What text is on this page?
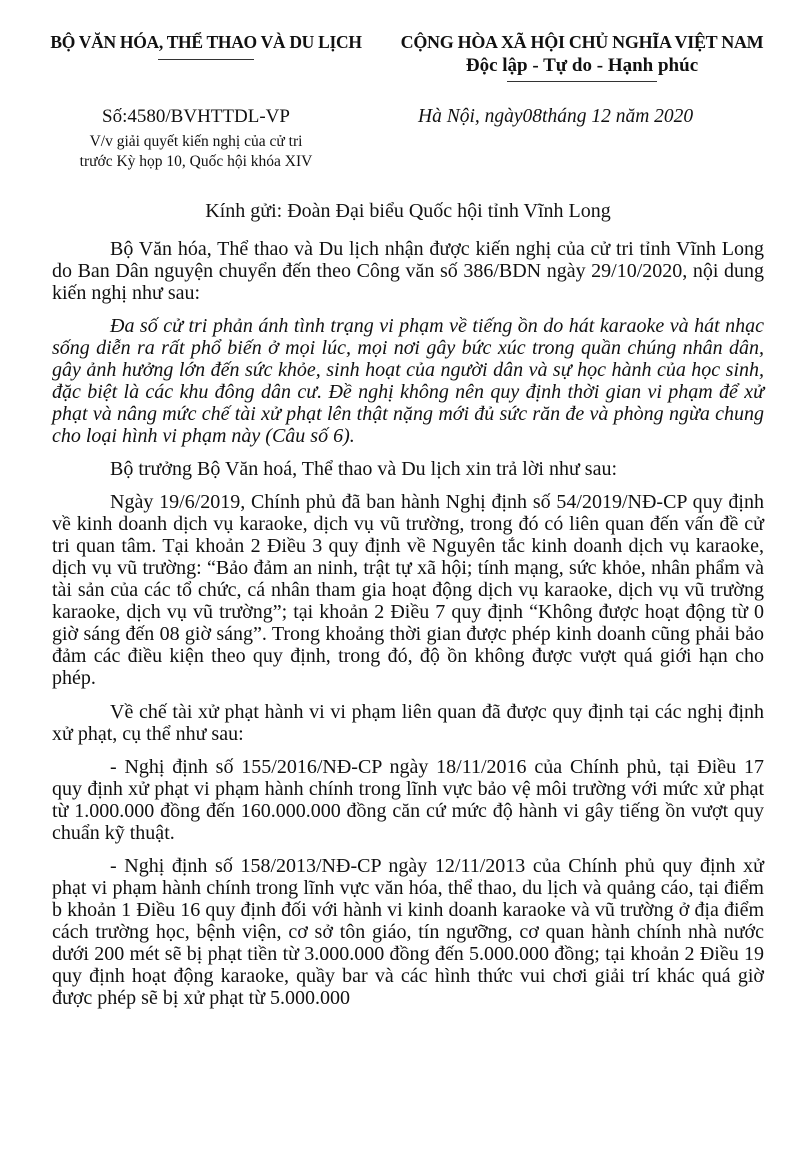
BỘ VĂN HÓA, THỂ THAO VÀ DU LỊCH	CỘNG HÒA XÃ HỘI CHỦ NGHĨA VIỆT NAM
Độc lập - Tự do - Hạnh phúc
Số:4580/BVHTTDL-VP	Hà Nội, ngày08tháng 12 năm 2020
V/v giải quyết kiến nghị của cử tri
trước Kỳ họp 10, Quốc hội khóa XIV
Kính gửi: Đoàn Đại biểu Quốc hội tỉnh Vĩnh Long

Bộ Văn hóa, Thể thao và Du lịch nhận được kiến nghị của cử tri tỉnh Vĩnh Long do Ban Dân nguyện chuyển đến theo Công văn số 386/BDN ngày 29/10/2020, nội dung kiến nghị như sau:

Đa số cử tri phản ánh tình trạng vi phạm về tiếng ồn do hát karaoke và hát nhạc sống diễn ra rất phổ biến ở mọi lúc, mọi nơi gây bức xúc trong quần chúng nhân dân, gây ảnh hưởng lớn đến sức khỏe, sinh hoạt của người dân và sự học hành của học sinh, đặc biệt là các khu đông dân cư. Đề nghị không nên quy định thời gian vi phạm để xử phạt và nâng mức chế tài xử phạt lên thật nặng mới đủ sức răn đe và phòng ngừa chung cho loại hình vi phạm này (Câu số 6).

Bộ trưởng Bộ Văn hoá, Thể thao và Du lịch xin trả lời như sau:

Ngày 19/6/2019, Chính phủ đã ban hành Nghị định số 54/2019/NĐ-CP quy định về kinh doanh dịch vụ karaoke, dịch vụ vũ trường, trong đó có liên quan đến vấn đề cử tri quan tâm. Tại khoản 2 Điều 3 quy định về Nguyên tắc kinh doanh dịch vụ karaoke, dịch vụ vũ trường: “Bảo đảm an ninh, trật tự xã hội; tính mạng, sức khỏe, nhân phẩm và tài sản của các tổ chức, cá nhân tham gia hoạt động dịch vụ karaoke, dịch vụ vũ trường karaoke, dịch vụ vũ trường”; tại khoản 2 Điều 7 quy định “Không được hoạt động từ 0 giờ sáng đến 08 giờ sáng”. Trong khoảng thời gian được phép kinh doanh cũng phải bảo đảm các điều kiện theo quy định, trong đó, độ ồn không được vượt quá giới hạn cho phép.

Về chế tài xử phạt hành vi vi phạm liên quan đã được quy định tại các nghị định xử phạt, cụ thể như sau:

- Nghị định số 155/2016/NĐ-CP ngày 18/11/2016 của Chính phủ, tại Điều 17 quy định xử phạt vi phạm hành chính trong lĩnh vực bảo vệ môi trường với mức xử phạt từ 1.000.000 đồng đến 160.000.000 đồng căn cứ mức độ hành vi gây tiếng ồn vượt quy chuẩn kỹ thuật.

- Nghị định số 158/2013/NĐ-CP ngày 12/11/2013 của Chính phủ quy định xử phạt vi phạm hành chính trong lĩnh vực văn hóa, thể thao, du lịch và quảng cáo, tại điểm b khoản 1 Điều 16 quy định đối với hành vi kinh doanh karaoke và vũ trường ở địa điểm cách trường học, bệnh viện, cơ sở tôn giáo, tín ngưỡng, cơ quan hành chính nhà nước dưới 200 mét sẽ bị phạt tiền từ 3.000.000 đồng đến 5.000.000 đồng; tại khoản 2 Điều 19 quy định hoạt động karaoke, quầy bar và các hình thức vui chơi giải trí khác quá giờ được phép sẽ bị xử phạt từ 5.000.000
